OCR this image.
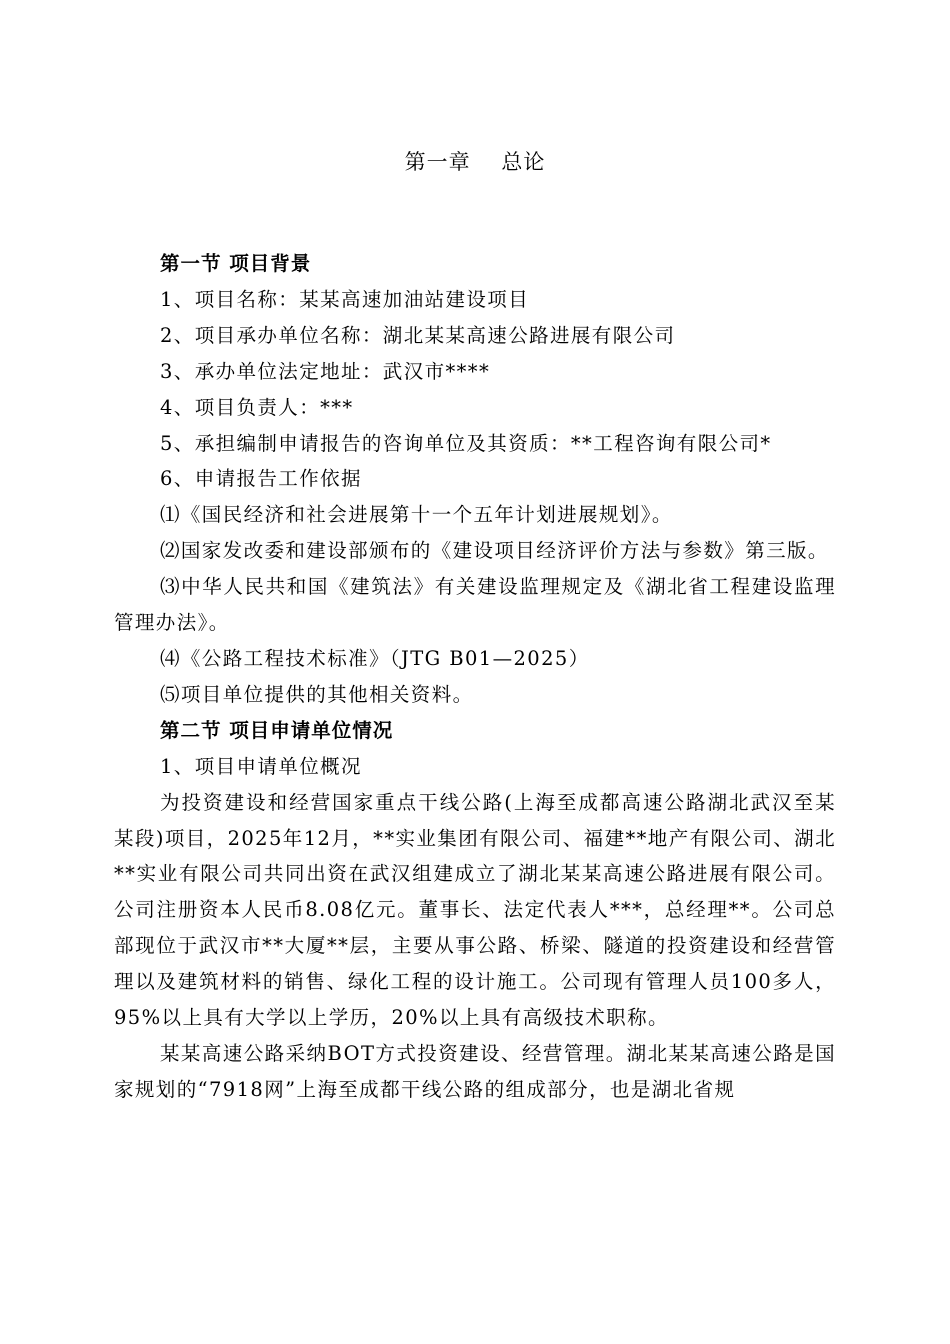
第一章    总论

第一节 项目背景

1、项目名称：某某高速加油站建设项目

2、项目承办单位名称：湖北某某高速公路进展有限公司

3、承办单位法定地址：武汉市****

4、项目负责人：***

5、承担编制申请报告的咨询单位及其资质：**工程咨询有限公司*

6、申请报告工作依据

⑴《国民经济和社会进展第十一个五年计划进展规划》。

⑵国家发改委和建设部颁布的《建设项目经济评价方法与参数》第三版。

⑶中华人民共和国《建筑法》有关建设监理规定及《湖北省工程建设监理管理办法》。

⑷《公路工程技术标准》（JTG B01—2025）

⑸项目单位提供的其他相关资料。

第二节 项目申请单位情况

1、项目申请单位概况

为投资建设和经营国家重点干线公路(上海至成都高速公路湖北武汉至某某段)项目，2025年12月，**实业集团有限公司、福建**地产有限公司、湖北**实业有限公司共同出资在武汉组建成立了湖北某某高速公路进展有限公司。公司注册资本人民币8.08亿元。董事长、法定代表人***，总经理**。公司总部现位于武汉市**大厦**层，主要从事公路、桥梁、隧道的投资建设和经营管理以及建筑材料的销售、绿化工程的设计施工。公司现有管理人员100多人，95%以上具有大学以上学历，20%以上具有高级技术职称。

某某高速公路采纳BOT方式投资建设、经营管理。湖北某某高速公路是国家规划的“7918网”上海至成都干线公路的组成部分，也是湖北省规
